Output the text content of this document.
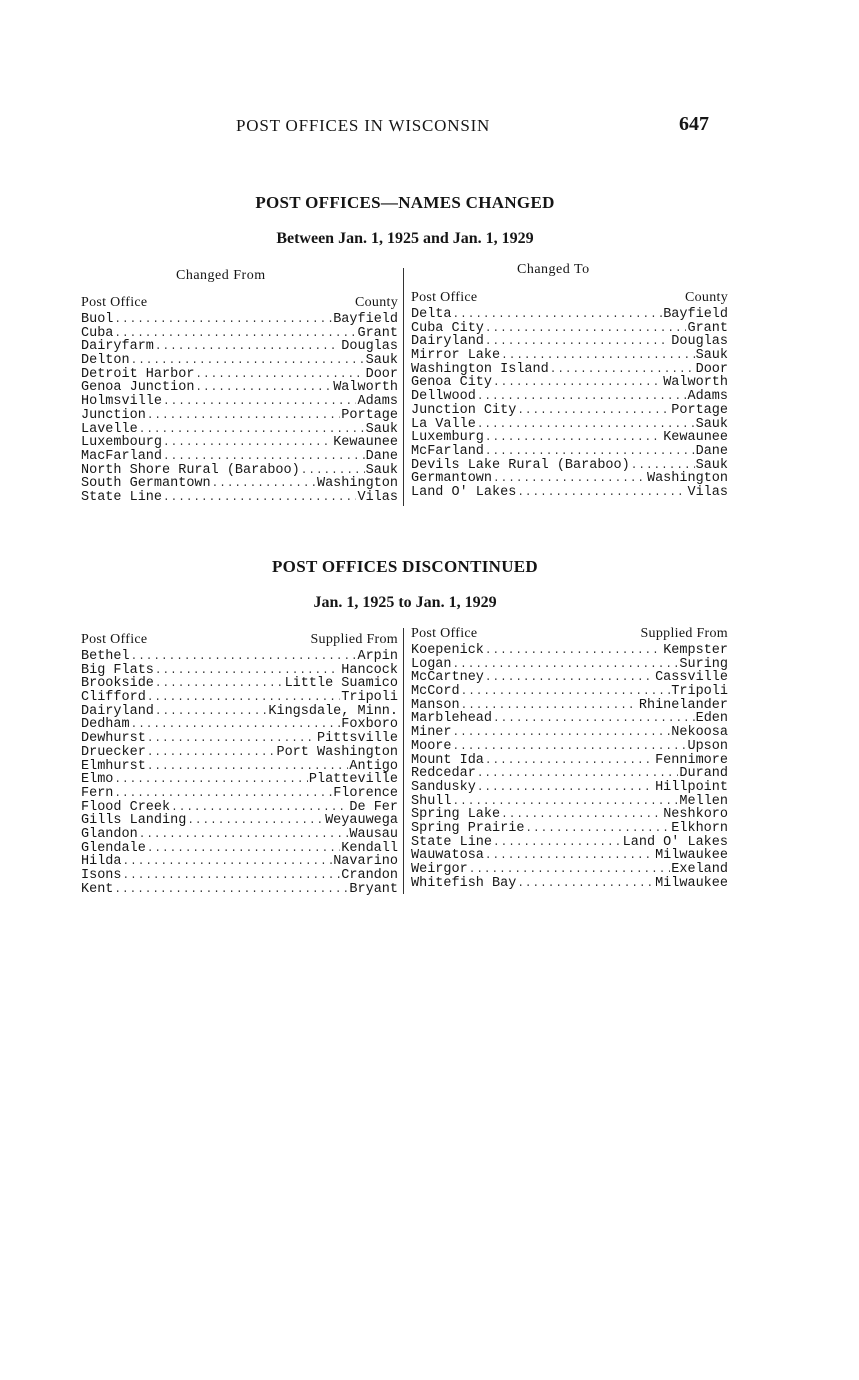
POST OFFICES IN WISCONSIN	647
POST OFFICES—NAMES CHANGED
Between Jan. 1, 1925 and Jan. 1, 1929
Changed From	Changed To
Post Office	County
Buol .....	Bayfield
Cuba .....	Grant
Dairyfarm .....	Douglas
Delton .....	Sauk
Detroit Harbor .....	Door
Genoa Junction .....	Walworth
Holmsville .....	Adams
Junction .....	Portage
Lavelle .....	Sauk
Luxembourg .....	Kewaunee
MacFarland .....	Dane
North Shore Rural (Baraboo) .....	Sauk
South Germantown .....	Washington
State Line .....	Vilas
Post Office	County
Delta .....	Bayfield
Cuba City .....	Grant
Dairyland .....	Douglas
Mirror Lake .....	Sauk
Washington Island .....	Door
Genoa City .....	Walworth
Dellwood .....	Adams
Junction City .....	Portage
La Valle .....	Sauk
Luxemburg .....	Kewaunee
McFarland .....	Dane
Devils Lake Rural (Baraboo) .....	Sauk
Germantown .....	Washington
Land O' Lakes .....	Vilas
POST OFFICES DISCONTINUED
Jan. 1, 1925 to Jan. 1, 1929
Post Office	Supplied From
Bethel .....	Arpin
Big Flats .....	Hancock
Brookside .....	Little Suamico
Clifford .....	Tripoli
Dairyland .....	Kingsdale, Minn.
Dedham .....	Foxboro
Dewhurst .....	Pittsville
Druecker .....	Port Washington
Elmhurst .....	Antigo
Elmo .....	Platteville
Fern .....	Florence
Flood Creek .....	De Fer
Gills Landing .....	Weyauwega
Glandon .....	Wausau
Glendale .....	Kendall
Hilda .....	Navarino
Isons .....	Crandon
Kent .....	Bryant
Post Office	Supplied From
Koepenick .....	Kempster
Logan .....	Suring
McCartney .....	Cassville
McCord .....	Tripoli
Manson .....	Rhinelander
Marblehead .....	Eden
Miner .....	Nekoosa
Moore .....	Upson
Mount Ida .....	Fennimore
Redcedar .....	Durand
Sandusky .....	Hillpoint
Shull .....	Mellen
Spring Lake .....	Neshkoro
Spring Prairie .....	Elkhorn
State Line .....	Land O' Lakes
Wauwatosa .....	Milwaukee
Weirgor .....	Exeland
Whitefish Bay .....	Milwaukee
